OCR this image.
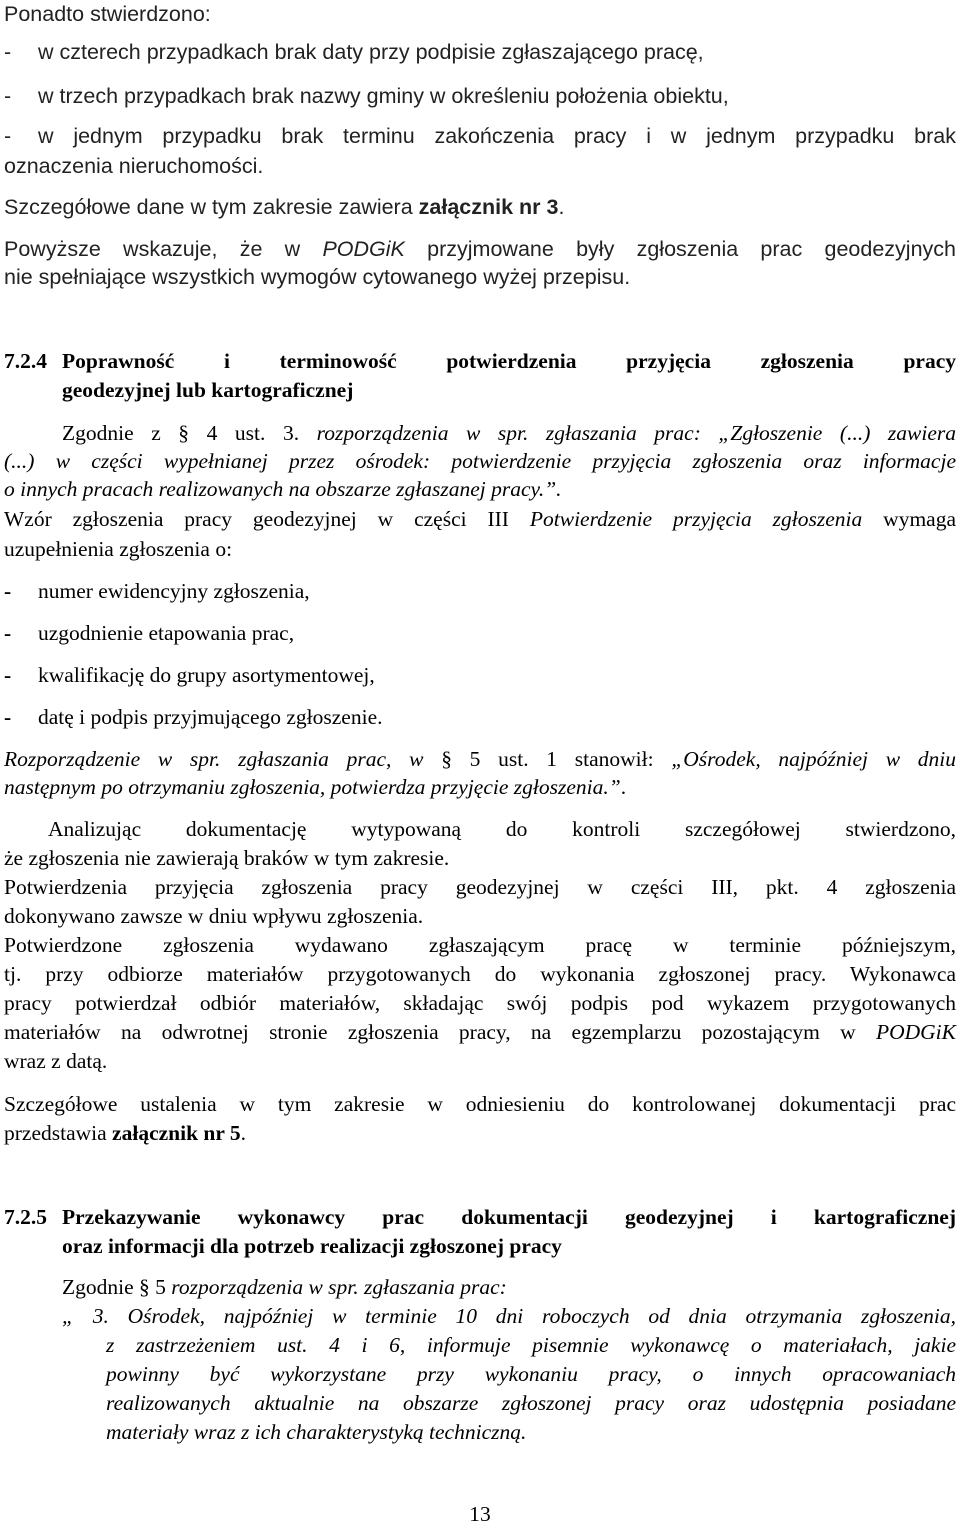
Ponadto stwierdzono:
- w czterech przypadkach brak daty przy podpisie zgłaszającego pracę,
- w trzech przypadkach brak nazwy gminy w określeniu położenia obiektu,
- w jednym przypadku brak terminu zakończenia pracy i w jednym przypadku brak
oznaczenia nieruchomości.
Szczegółowe dane w tym zakresie zawiera załącznik nr 3.
Powyższe wskazuje, że w PODGiK przyjmowane były zgłoszenia prac geodezyjnych
nie spełniające wszystkich wymogów cytowanego wyżej przepisu.
7.2.4 Poprawność i terminowość potwierdzenia przyjęcia zgłoszenia pracy
geodezyjnej lub kartograficznej
Zgodnie z § 4 ust. 3. rozporządzenia w spr. zgłaszania prac: „Zgłoszenie (...) zawiera
(...) w części wypełnianej przez ośrodek: potwierdzenie przyjęcia zgłoszenia oraz informacje
o innych pracach realizowanych na obszarze zgłaszanej pracy.”.
Wzór zgłoszenia pracy geodezyjnej w części III Potwierdzenie przyjęcia zgłoszenia wymaga
uzupełnienia zgłoszenia o:
- numer ewidencyjny zgłoszenia,
- uzgodnienie etapowania prac,
- kwalifikację do grupy asortymentowej,
- datę i podpis przyjmującego zgłoszenie.
Rozporządzenie w spr. zgłaszania prac, w § 5 ust. 1 stanowił: „Ośrodek, najpóźniej w dniu
następnym po otrzymaniu zgłoszenia, potwierdza przyjęcie zgłoszenia.”.
Analizując dokumentację wytypowaną do kontroli szczegółowej stwierdzono,
że zgłoszenia nie zawierają braków w tym zakresie.
Potwierdzenia przyjęcia zgłoszenia pracy geodezyjnej w części III, pkt. 4 zgłoszenia
dokonywano zawsze w dniu wpływu zgłoszenia.
Potwierdzone zgłoszenia wydawano zgłaszającym pracę w terminie późniejszym,
tj. przy odbiorze materiałów przygotowanych do wykonania zgłoszonej pracy. Wykonawca
pracy potwierdzał odbiór materiałów, składając swój podpis pod wykazem przygotowanych
materiałów na odwrotnej stronie zgłoszenia pracy, na egzemplarzu pozostającym w PODGiK
wraz z datą.
Szczegółowe ustalenia w tym zakresie w odniesieniu do kontrolowanej dokumentacji prac
przedstawia załącznik nr 5.
7.2.5 Przekazywanie wykonawcy prac dokumentacji geodezyjnej i kartograficznej
oraz informacji dla potrzeb realizacji zgłoszonej pracy
Zgodnie § 5 rozporządzenia w spr. zgłaszania prac:
„ 3. Ośrodek, najpóźniej w terminie 10 dni roboczych od dnia otrzymania zgłoszenia,
z zastrzeżeniem ust. 4 i 6, informuje pisemnie wykonawcę o materiałach, jakie
powinny być wykorzystane przy wykonaniu pracy, o innych opracowaniach
realizowanych aktualnie na obszarze zgłoszonej pracy oraz udostępnia posiadane
materiały wraz z ich charakterystyką techniczną.
13
